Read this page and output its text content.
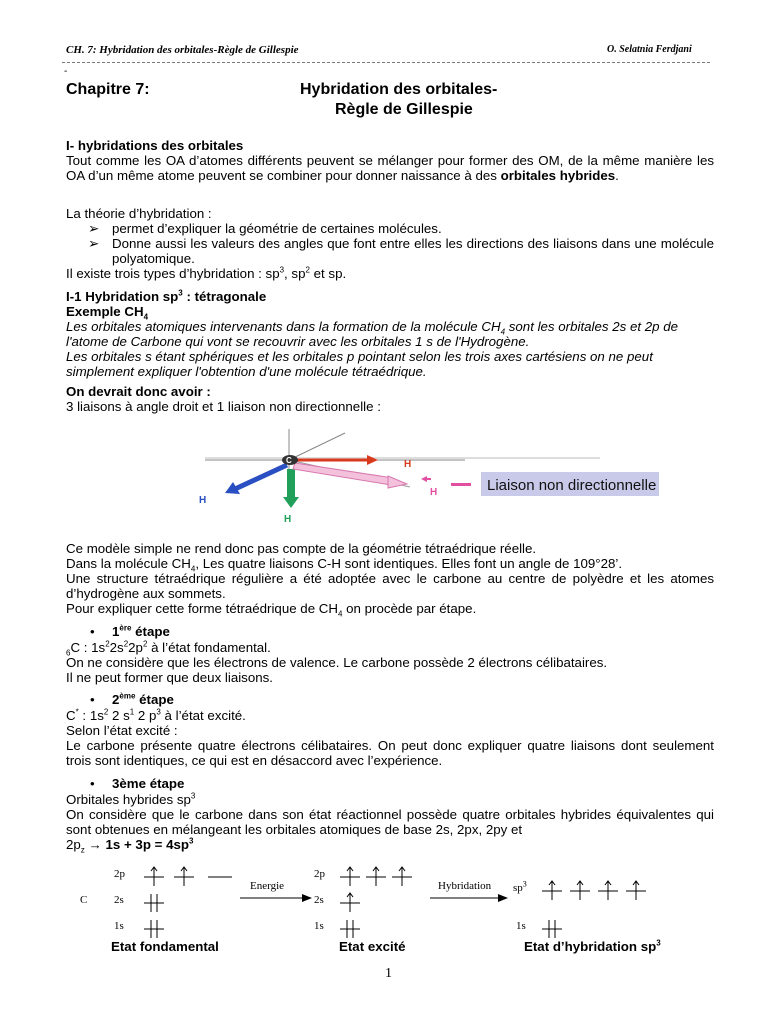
CH. 7: Hybridation des orbitales-Règle de Gillespie	O. Selatnia Ferdjani
-
Chapitre 7:	Hybridation des orbitales-
Règle de Gillespie
I- hybridations des orbitales
Tout comme les OA d’atomes différents peuvent se mélanger pour former des OM, de la même manière les OA d’un même atome peuvent se combiner pour donner naissance à des orbitales hybrides.
La théorie d’hybridation :
➢ permet d’expliquer la géométrie de certaines molécules.
➢ Donne aussi les valeurs des angles que font entre elles les directions des liaisons dans une molécule polyatomique.
Il existe trois types d’hybridation : $sp^3$, $sp^2$ et sp.
I-1 Hybridation $sp^3$ : tétragonale
Exemple $CH_4$
Les orbitales atomiques intervenants dans la formation de la molécule $CH_4$ sont les orbitales 2s et 2p de l'atome de Carbone qui vont se recouvrir avec les orbitales 1 s de l'Hydrogène.
Les orbitales s étant sphériques et les orbitales p pointant selon les trois axes cartésiens on ne peut simplement expliquer l'obtention d'une molécule tétraédrique.
On devrait donc avoir :
3 liaisons à angle droit et 1 liaison non directionnelle :
C	H
H
H
H	Liaison non directionnelle
Ce modèle simple ne rend donc pas compte de la géométrie tétraédrique réelle.
Dans la molécule $CH_4$, Les quatre liaisons C-H sont identiques. Elles font un angle de 109°28’.
Une structure tétraédrique régulière a été adoptée avec le carbone au centre de polyèdre et les atomes d’hydrogène aux sommets.
Pour expliquer cette forme tétraédrique de $CH_4$ on procède par étape.
• 1ère étape
$_6$C : $1s^22s^22p^2$ à l’état fondamental.
On ne considère que les électrons de valence. Le carbone possède 2 électrons célibataires.
Il ne peut former que deux liaisons.
• 2ème étape
C* : $1s^2$ 2 $s^1$ 2 $p^3$ à l’état excité.
Selon l’état excité :
Le carbone présente quatre électrons célibataires. On peut donc expliquer quatre liaisons dont seulement trois sont identiques, ce qui est en désaccord avec l’expérience.
• 3ème étape
Orbitales hybrides $sp^3$
On considère que le carbone dans son état réactionnel possède quatre orbitales hybrides équivalentes qui sont obtenues en mélangeant les orbitales atomiques de base 2s, 2px, 2py et
$2p_z \to 1s + 3p = 4sp^3$
C
2p
2s
1s
Energie
2p
2s
1s
Hybridation $sp^3$
1s
Etat fondamental	Etat excité	Etat d’hybridation $sp^3$
1
